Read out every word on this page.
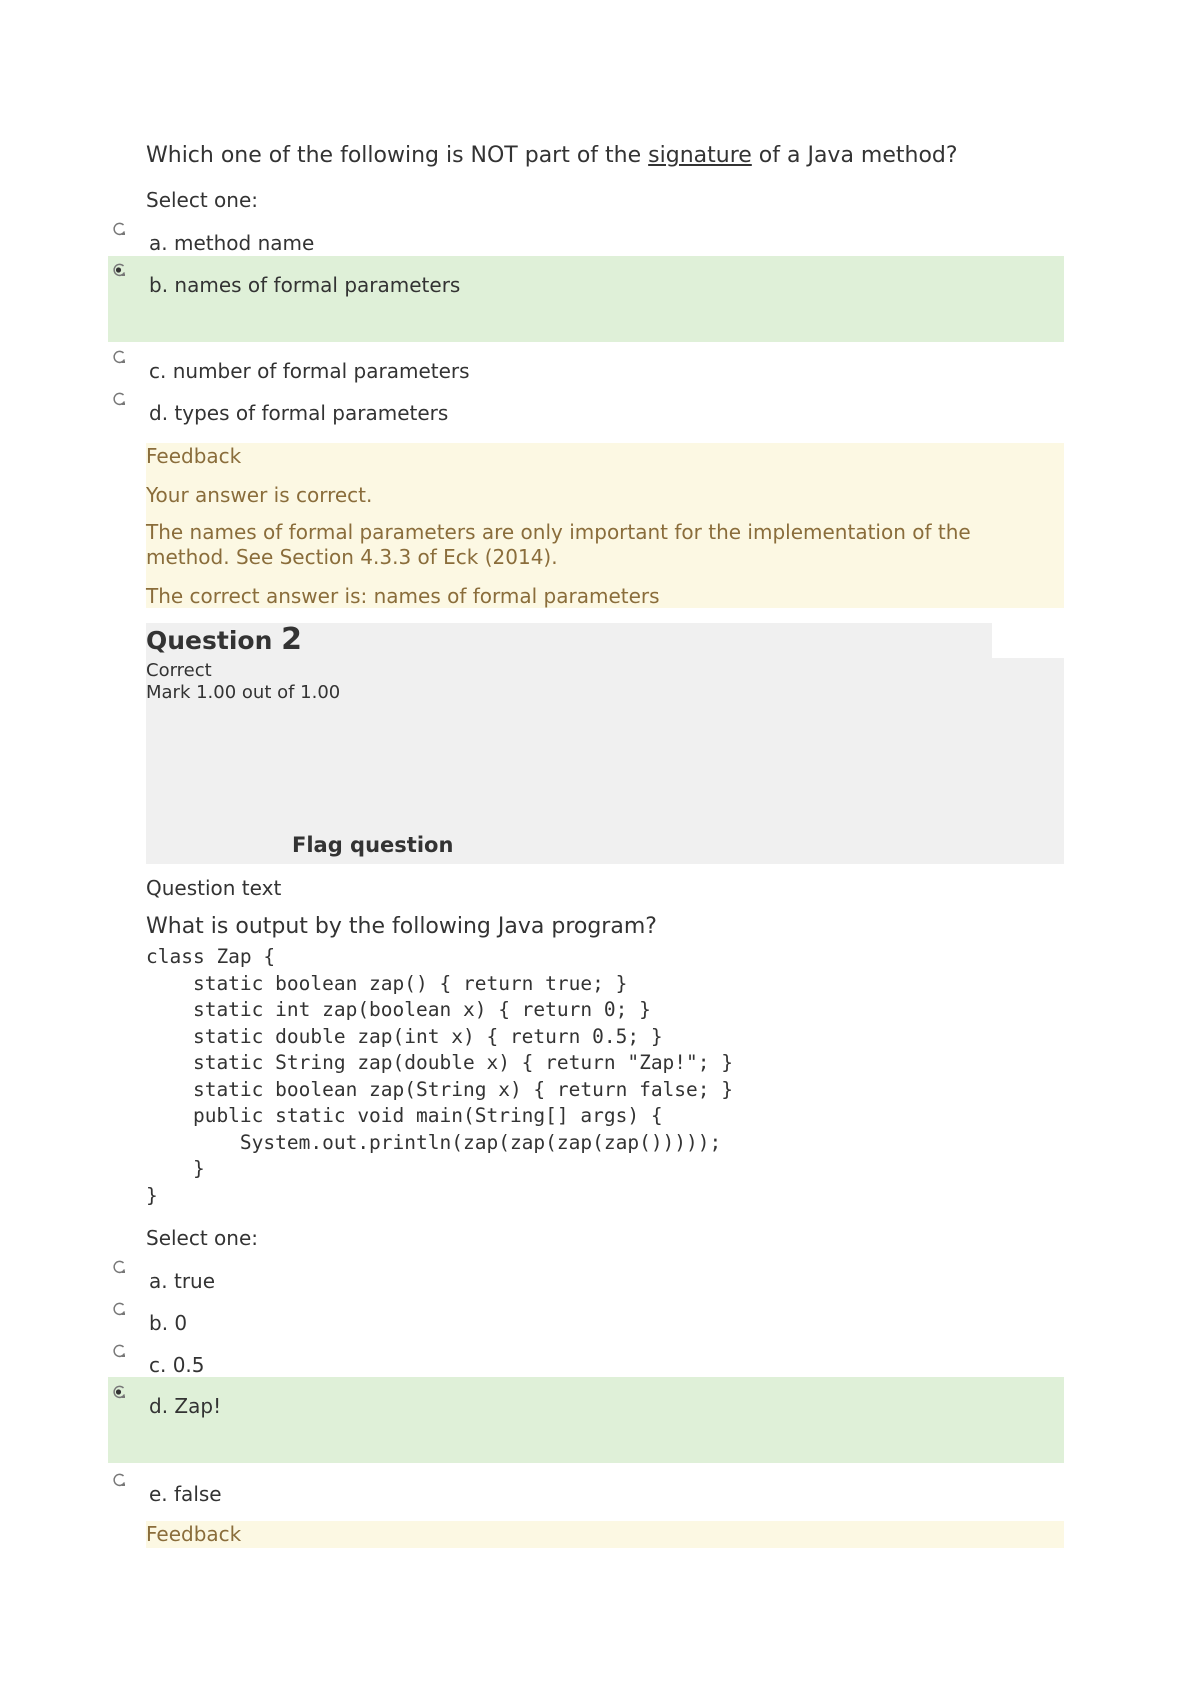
Which one of the following is NOT part of the signature of a Java method?
Select one:
a. method name
b. names of formal parameters
c. number of formal parameters
d. types of formal parameters
Feedback
Your answer is correct.
The names of formal parameters are only important for the implementation of the method. See Section 4.3.3 of Eck (2014).
The correct answer is: names of formal parameters
Question 2
Correct
Mark 1.00 out of 1.00
Flag question
Question text
What is output by the following Java program?
class Zap {
static boolean zap() { return true; }
static int zap(boolean x) { return 0; }
static double zap(int x) { return 0.5; }
static String zap(double x) { return "Zap!"; }
static boolean zap(String x) { return false; }
public static void main(String[] args) {
System.out.println(zap(zap(zap(zap()))));
}
}
Select one:
a. true
b. 0
c. 0.5
d. Zap!
e. false
Feedback
